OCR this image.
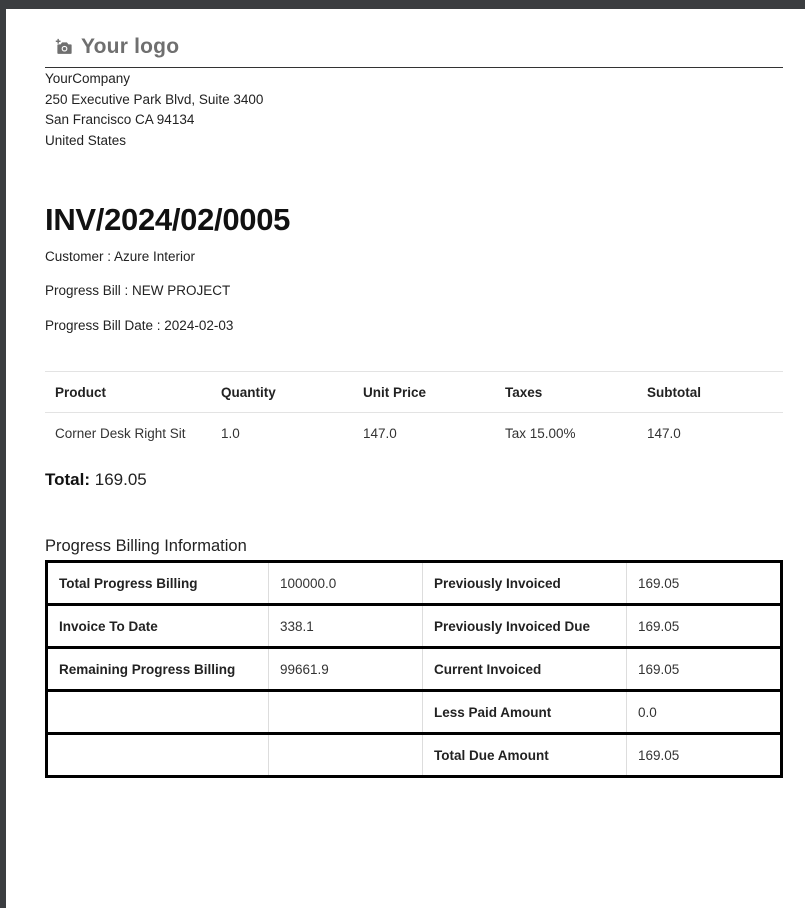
Your logo
YourCompany
250 Executive Park Blvd, Suite 3400
San Francisco CA 94134
United States
INV/2024/02/0005
Customer : Azure Interior
Progress Bill : NEW PROJECT
Progress Bill Date : 2024-02-03
Product	Quantity	Unit Price	Taxes	Subtotal
Corner Desk Right Sit	1.0	147.0	Tax 15.00%	147.0
Total: 169.05
Progress Billing Information
Total Progress Billing	100000.0	Previously Invoiced	169.05
Invoice To Date	338.1	Previously Invoiced Due	169.05
Remaining Progress Billing	99661.9	Current Invoiced	169.05
		Less Paid Amount	0.0
		Total Due Amount	169.05
